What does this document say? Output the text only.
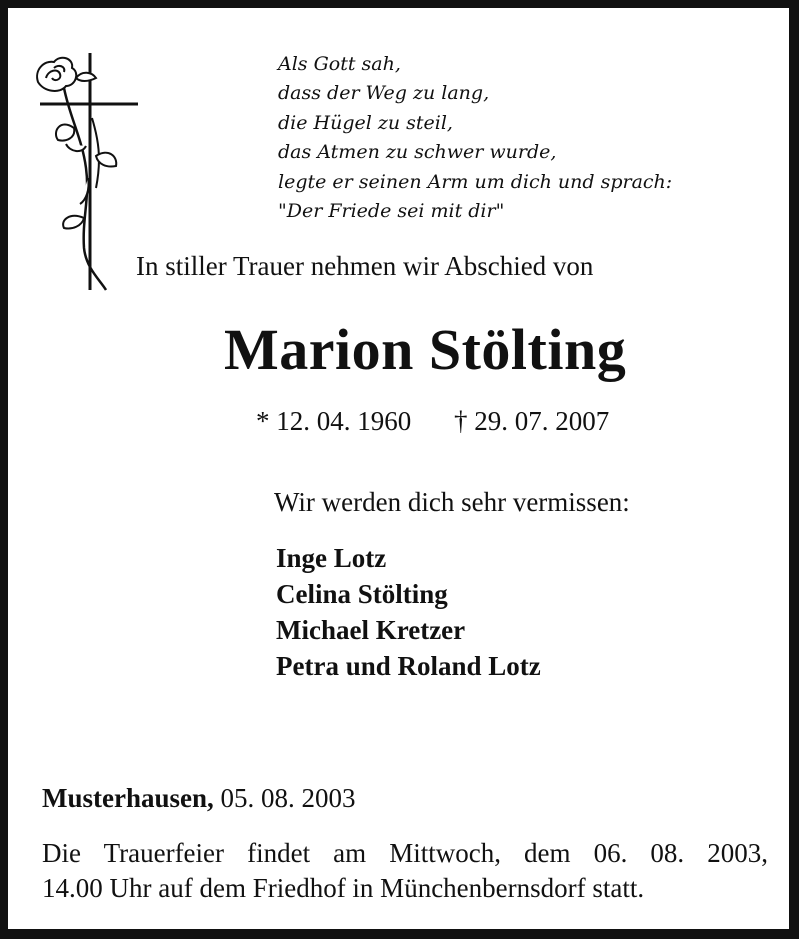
Als Gott sah,
dass der Weg zu lang,
die Hügel zu steil,
das Atmen zu schwer wurde,
legte er seinen Arm um dich und sprach:
"Der Friede sei mit dir"
In stiller Trauer nehmen wir Abschied von
Marion Stölting
* 12. 04. 1960 † 29. 07. 2007
Wir werden dich sehr vermissen:
Inge Lotz
Celina Stölting
Michael Kretzer
Petra und Roland Lotz
Musterhausen, 05. 08. 2003
Die Trauerfeier findet am Mittwoch, dem 06. 08. 2003,
14.00 Uhr auf dem Friedhof in Münchenbernsdorf statt.
